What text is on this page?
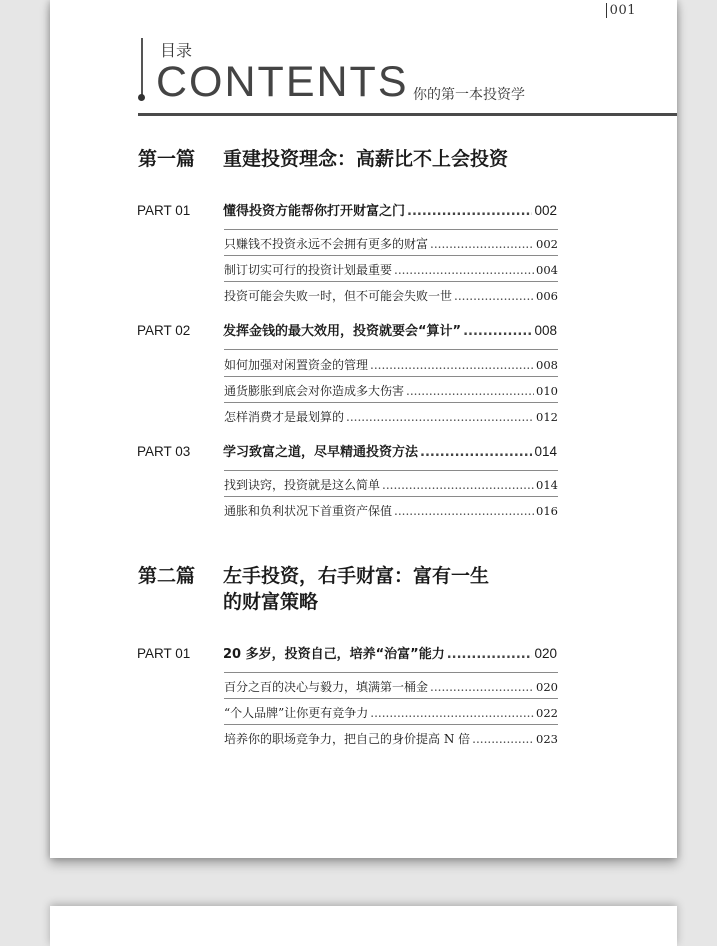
001
目录
CONTENTS 你的第一本投资学
第一篇 重建投资理念：高薪比不上会投资
PART 01	懂得投资方能帮你打开财富之门 .....	002
只赚钱不投资永远不会拥有更多的财富 .....	002
制订切实可行的投资计划最重要 .....	004
投资可能会失败一时，但不可能会失败一世 .....	006
PART 02	发挥金钱的最大效用，投资就要会“算计” .....	008
如何加强对闲置资金的管理 .....	008
通货膨胀到底会对你造成多大伤害 .....	010
怎样消费才是最划算的 .....	012
PART 03	学习致富之道，尽早精通投资方法 .....	014
找到诀窍，投资就是这么简单 .....	014
通胀和负利状况下首重资产保值 .....	016
第二篇 左手投资，右手财富：富有一生
的财富策略
PART 01	20 多岁，投资自己，培养“治富”能力 .....	020
百分之百的决心与毅力，填满第一桶金 .....	020
“个人品牌”让你更有竞争力 .....	022
培养你的职场竞争力，把自己的身价提高 N 倍 .....	023
